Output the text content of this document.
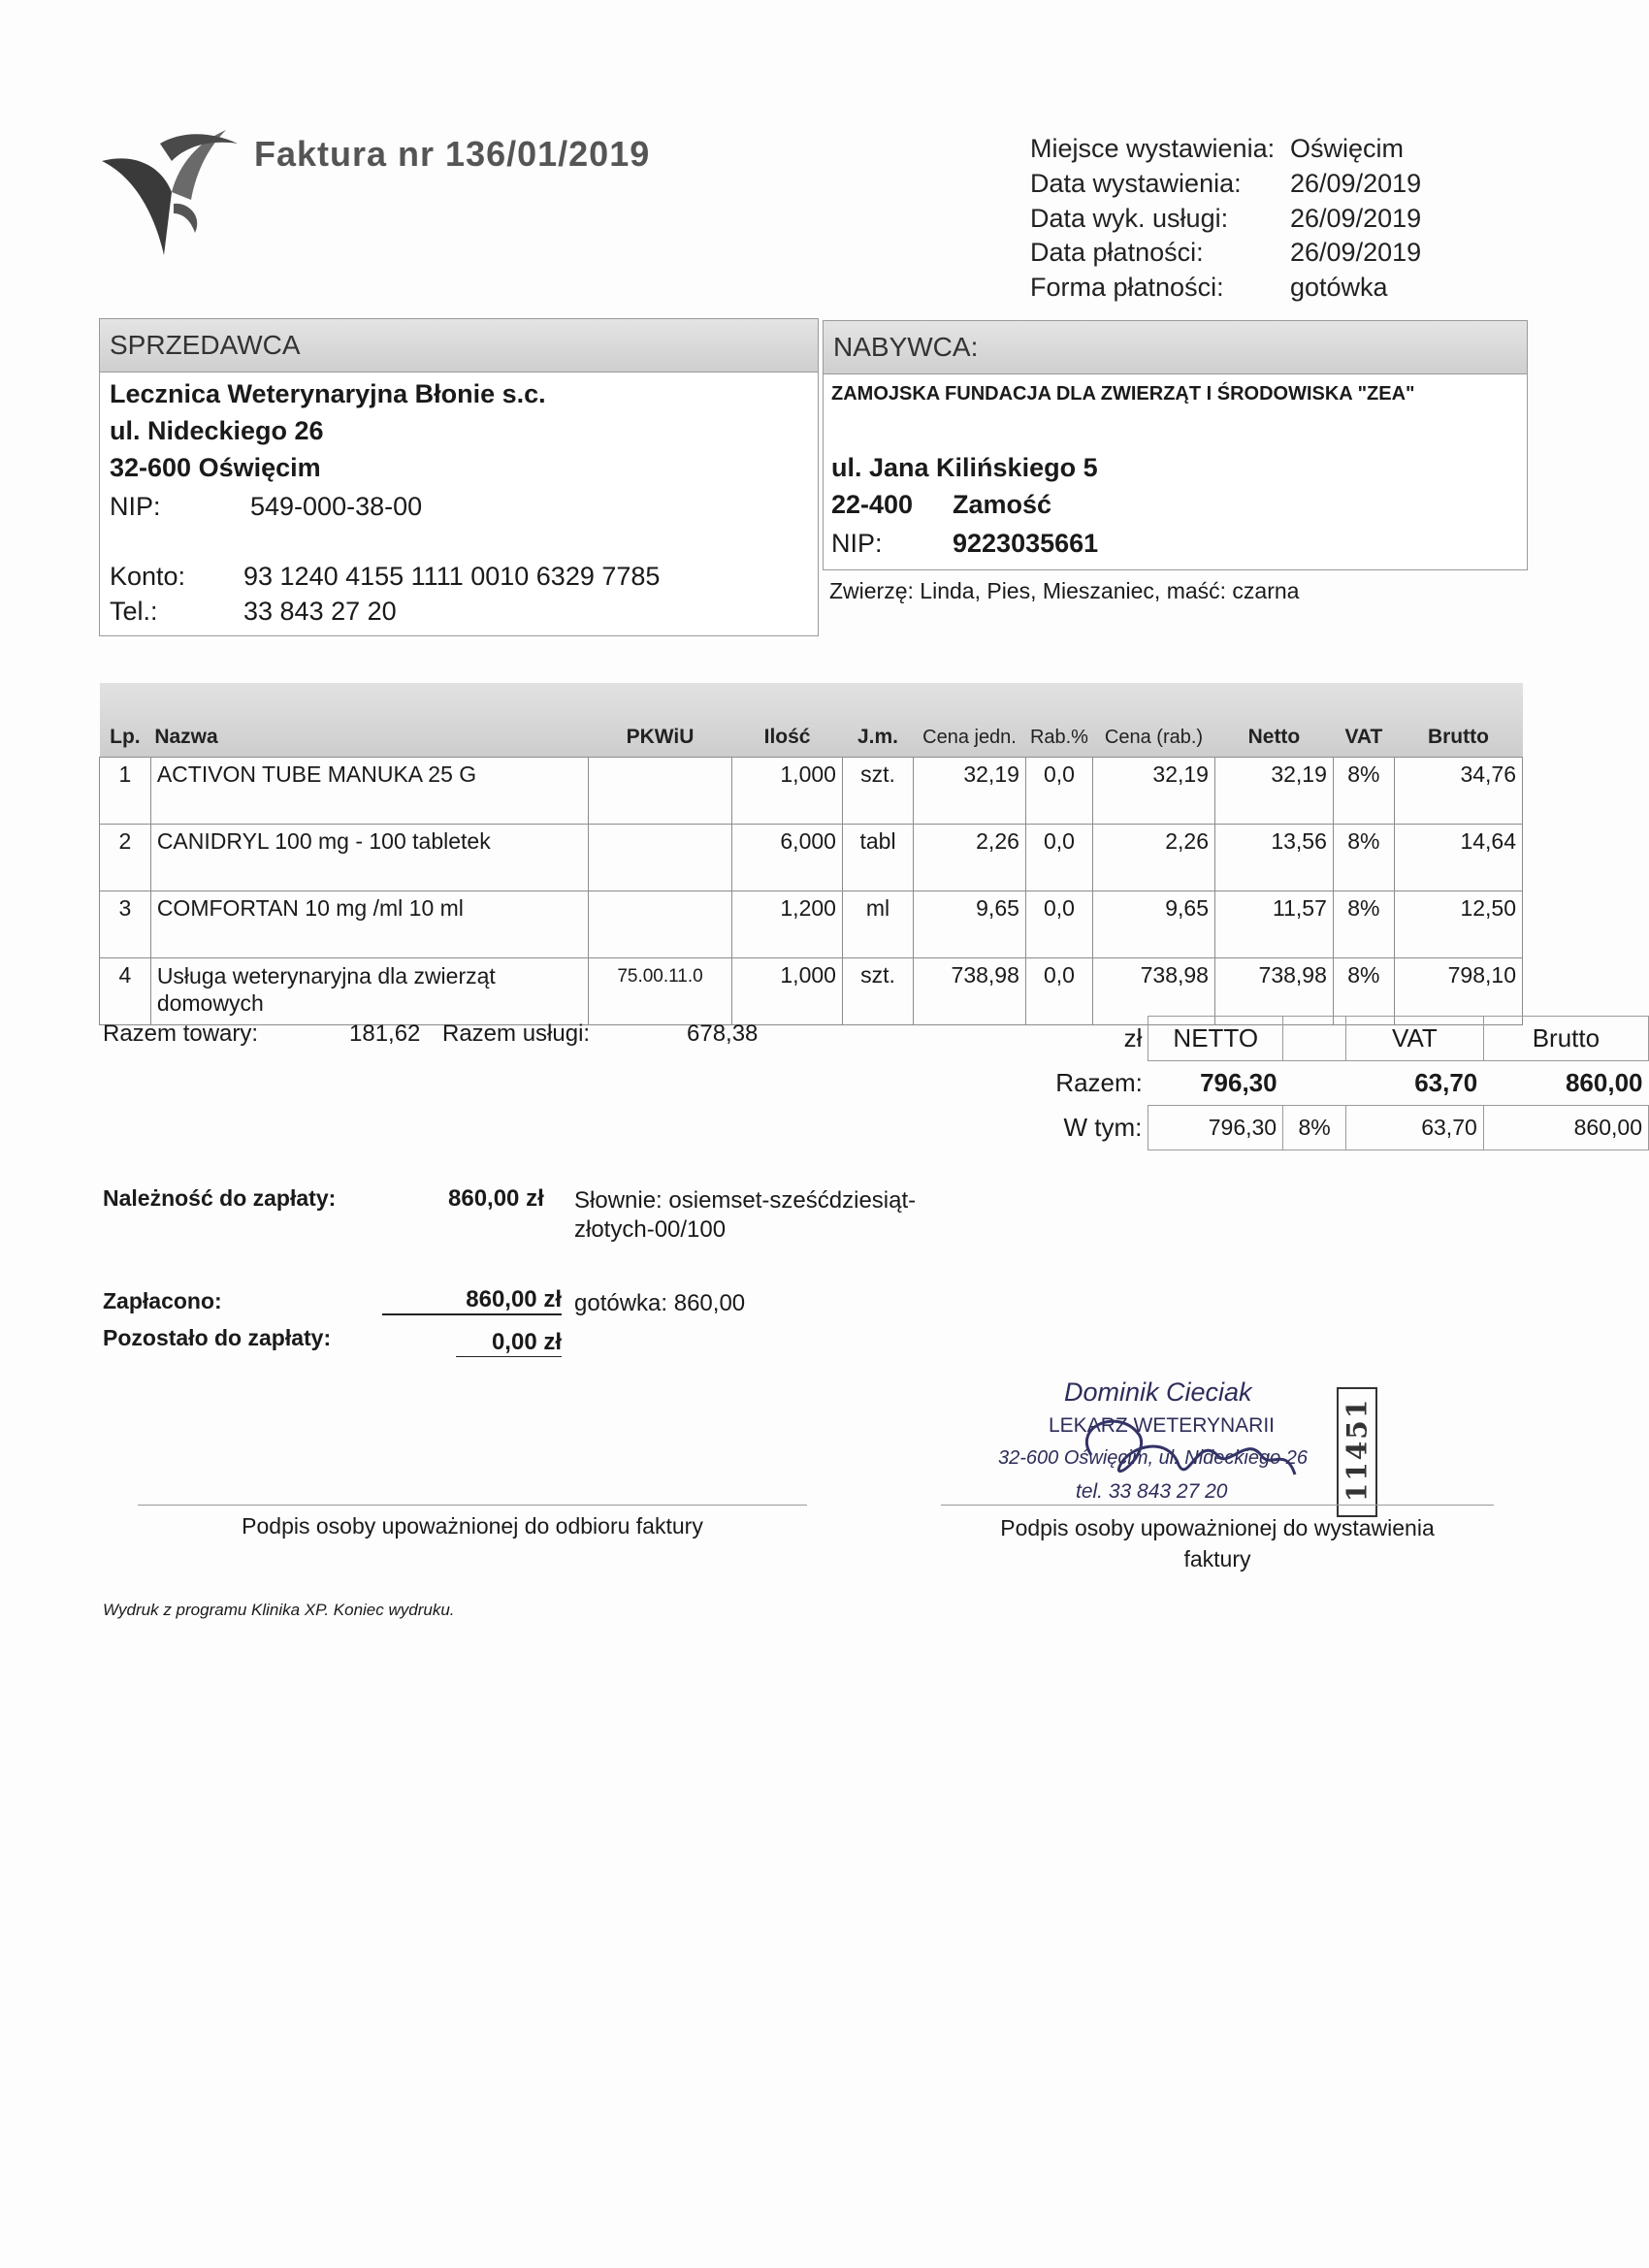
Faktura nr 136/01/2019	Miejsce wystawienia: Oświęcim
Data wystawienia: 26/09/2019
Data wyk. usługi: 26/09/2019
Data płatności:	26/09/2019
Forma płatności:	gotówka
SPRZEDAWCA
Lecznica Weterynaryjna Błonie s.c.
ul. Nideckiego 26
32-600 Oświęcim
NIP:	549-000-38-00
Konto: 93 1240 4155 1111 0010 6329 7785
Tel.:	33 843 27 20
NABYWCA:
ZAMOJSKA FUNDACJA DLA ZWIERZĄT I ŚRODOWISKA "ZEA"
ul. Jana Kilińskiego 5
22-400 Zamość
NIP:	9223035661
Zwierzę: Linda, Pies, Mieszaniec, maść: czarna
Lp.	Nazwa	PKWiU	Ilość	J.m.	Cena jedn.	Rab.%	Cena (rab.)	Netto	VAT	Brutto
1	ACTIVON TUBE MANUKA 25 G		1,000	szt.	32,19	0,0	32,19	32,19	8%	34,76
2	CANIDRYL 100 mg - 100 tabletek		6,000	tabl	2,26	0,0	2,26	13,56	8%	14,64
3	COMFORTAN 10 mg /ml 10 ml		1,200	ml	9,65	0,0	9,65	11,57	8%	12,50
4	Usługa weterynaryjna dla zwierząt domowych	75.00.11.0	1,000	szt.	738,98	0,0	738,98	738,98	8%	798,10
Razem towary:	181,62 Razem usługi:	678,38	zł	NETTO		VAT	Brutto
Razem:	796,30		63,70	860,00
W tym:	796,30	8%	63,70	860,00
Należność do zapłaty:	860,00 zł Słownie: osiemset-sześćdziesiąt-
złotych-00/100
Zapłacono:	860,00 zł gotówka: 860,00
Pozostało do zapłaty:	0,00 zł
Dominik Cieciak
LEKARZ WETERYNARII
32-600 Oświęcim, ul. Nideckiego 26
tel. 33 843 27 20	11451
Podpis osoby upoważnionej do odbioru faktury	Podpis osoby upoważnionej do wystawienia
faktury
Wydruk z programu Klinika XP. Koniec wydruku.
